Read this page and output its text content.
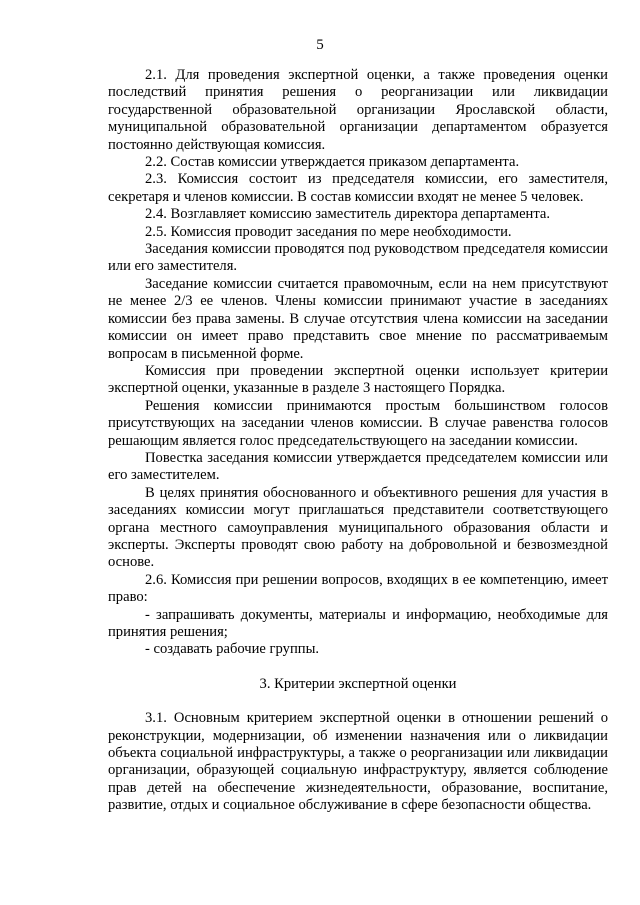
5

2.1. Для проведения экспертной оценки, а также проведения оценки последствий принятия решения о реорганизации или ликвидации государственной образовательной организации Ярославской области, муниципальной образовательной организации департаментом образуется постоянно действующая комиссия.

2.2. Состав комиссии утверждается приказом департамента.

2.3. Комиссия состоит из председателя комиссии, его заместителя, секретаря и членов комиссии. В состав комиссии входят не менее 5 человек.

2.4. Возглавляет комиссию заместитель директора департамента.

2.5. Комиссия проводит заседания по мере необходимости.

Заседания комиссии проводятся под руководством председателя комиссии или его заместителя.

Заседание комиссии считается правомочным, если на нем присутствуют не менее 2/3 ее членов. Члены комиссии принимают участие в заседаниях комиссии без права замены. В случае отсутствия члена комиссии на заседании комиссии он имеет право представить свое мнение по рассматриваемым вопросам в письменной форме.

Комиссия при проведении экспертной оценки использует критерии экспертной оценки, указанные в разделе 3 настоящего Порядка.

Решения комиссии принимаются простым большинством голосов присутствующих на заседании членов комиссии. В случае равенства голосов решающим является голос председательствующего на заседании комиссии.

Повестка заседания комиссии утверждается председателем комиссии или его заместителем.

В целях принятия обоснованного и объективного решения для участия в заседаниях комиссии могут приглашаться представители соответствующего органа местного самоуправления муниципального образования области и эксперты. Эксперты проводят свою работу на добровольной и безвозмездной основе.

2.6. Комиссия при решении вопросов, входящих в ее компетенцию, имеет право:

- запрашивать документы, материалы и информацию, необходимые для принятия решения;

- создавать рабочие группы.

3. Критерии экспертной оценки

3.1. Основным критерием экспертной оценки в отношении решений о реконструкции, модернизации, об изменении назначения или о ликвидации объекта социальной инфраструктуры, а также о реорганизации или ликвидации организации, образующей социальную инфраструктуру, является соблюдение прав детей на обеспечение жизнедеятельности, образование, воспитание, развитие, отдых и социальное обслуживание в сфере безопасности общества.
